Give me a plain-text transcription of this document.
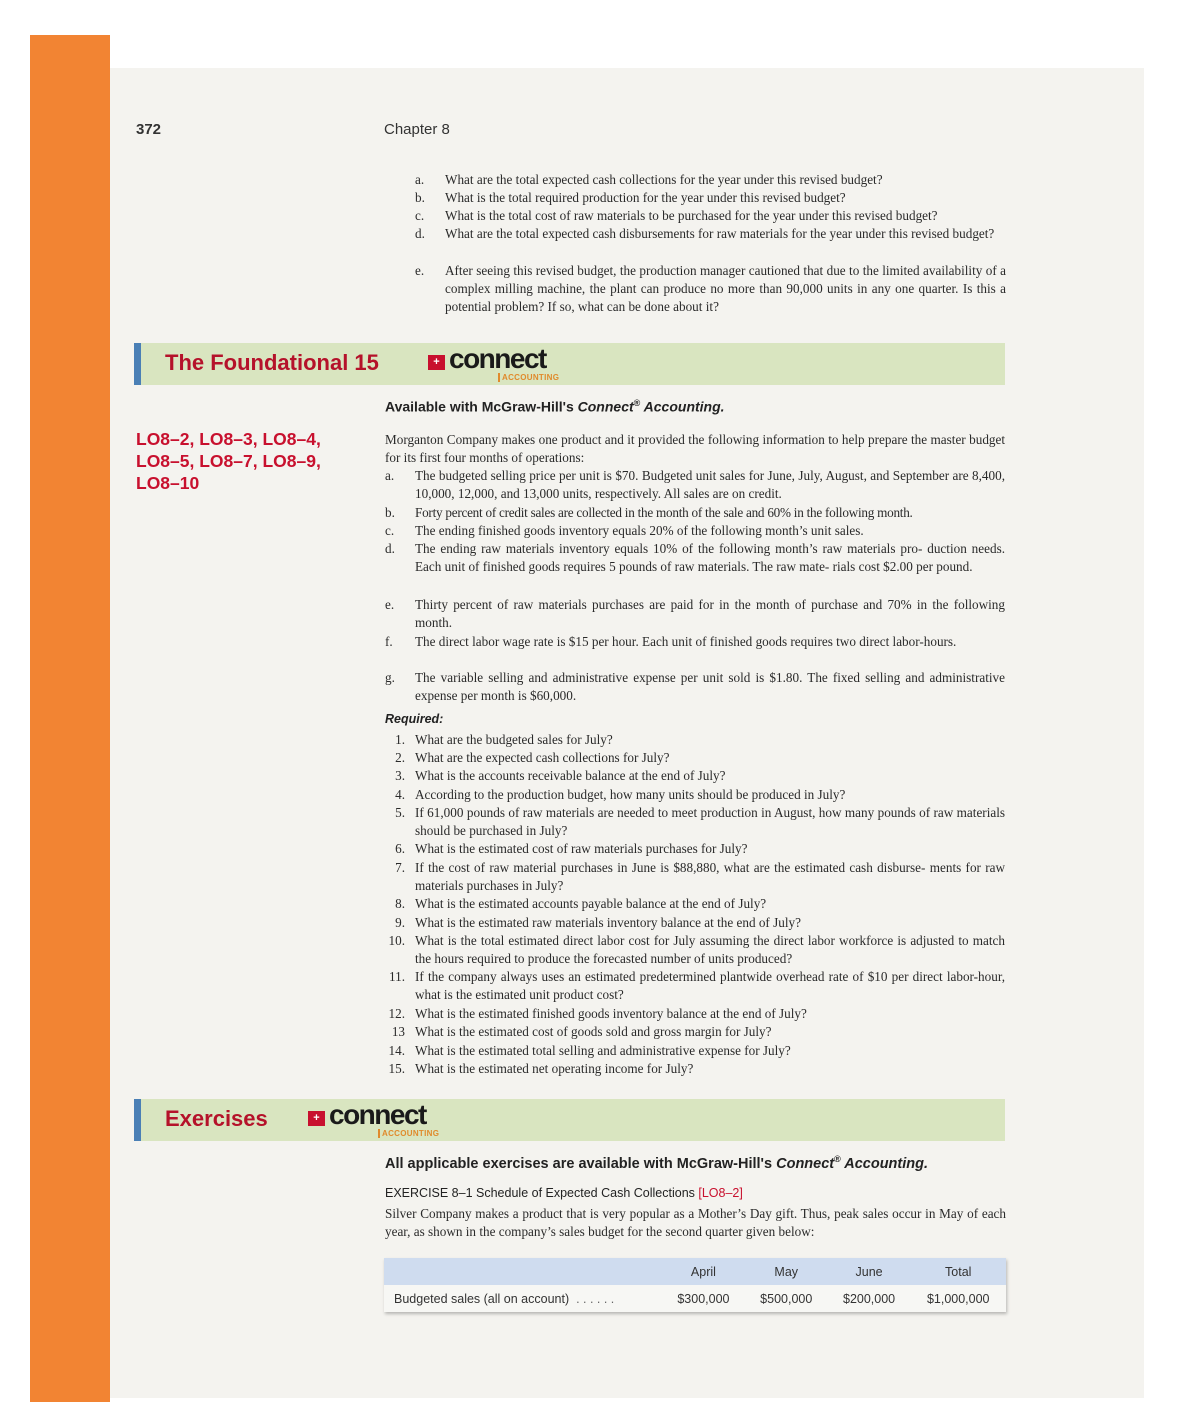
372	Chapter 8
a. What are the total expected cash collections for the year under this revised budget?
b. What is the total required production for the year under this revised budget?
c. What is the total cost of raw materials to be purchased for the year under this revised budget?
d. What are the total expected cash disbursements for raw materials for the year under this revised budget?
e. After seeing this revised budget, the production manager cautioned that due to the limited availability of a complex milling machine, the plant can produce no more than 90,000 units in any one quarter. Is this a potential problem? If so, what can be done about it?
The Foundational 15	+ connect
ACCOUNTING
Available with McGraw-Hill's Connect® Accounting.
LO8–2, LO8–3, LO8–4,
LO8–5, LO8–7, LO8–9,
LO8–10
Morganton Company makes one product and it provided the following information to help prepare the master budget for its first four months of operations:
a. The budgeted selling price per unit is $70. Budgeted unit sales for June, July, August, and September are 8,400, 10,000, 12,000, and 13,000 units, respectively. All sales are on credit.
b. Forty percent of credit sales are collected in the month of the sale and 60% in the following month.
c. The ending finished goods inventory equals 20% of the following month’s unit sales.
d. The ending raw materials inventory equals 10% of the following month’s raw materials pro- duction needs. Each unit of finished goods requires 5 pounds of raw materials. The raw mate- rials cost $2.00 per pound.
e. Thirty percent of raw materials purchases are paid for in the month of purchase and 70% in the following month.
f. The direct labor wage rate is $15 per hour. Each unit of finished goods requires two direct labor-hours.
g. The variable selling and administrative expense per unit sold is $1.80. The fixed selling and administrative expense per month is $60,000.
Required:
1. What are the budgeted sales for July?
2. What are the expected cash collections for July?
3. What is the accounts receivable balance at the end of July?
4. According to the production budget, how many units should be produced in July?
5. If 61,000 pounds of raw materials are needed to meet production in August, how many pounds of raw materials should be purchased in July?
6. What is the estimated cost of raw materials purchases for July?
7. If the cost of raw material purchases in June is $88,880, what are the estimated cash disburse- ments for raw materials purchases in July?
8. What is the estimated accounts payable balance at the end of July?
9. What is the estimated raw materials inventory balance at the end of July?
10. What is the total estimated direct labor cost for July assuming the direct labor workforce is adjusted to match the hours required to produce the forecasted number of units produced?
11. If the company always uses an estimated predetermined plantwide overhead rate of $10 per direct labor-hour, what is the estimated unit product cost?
12. What is the estimated finished goods inventory balance at the end of July?
13 What is the estimated cost of goods sold and gross margin for July?
14. What is the estimated total selling and administrative expense for July?
15. What is the estimated net operating income for July?
Exercises	+ connect
ACCOUNTING
All applicable exercises are available with McGraw-Hill's Connect® Accounting.
EXERCISE 8–1 Schedule of Expected Cash Collections [LO8–2]
Silver Company makes a product that is very popular as a Mother’s Day gift. Thus, peak sales occur in May of each year, as shown in the company’s sales budget for the second quarter given below:
	April	May	June	Total
Budgeted sales (all on account) . . . . . .	$300,000	$500,000	$200,000	$1,000,000
